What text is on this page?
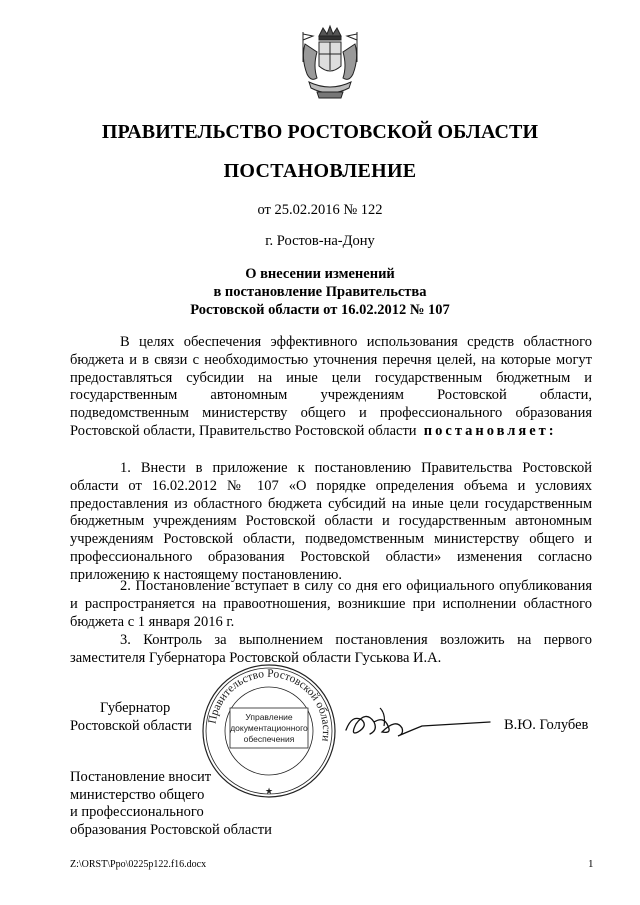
ПРАВИТЕЛЬСТВО РОСТОВСКОЙ ОБЛАСТИ
ПОСТАНОВЛЕНИЕ
от 25.02.2016 № 122
г. Ростов-на-Дону
О внесении изменений
в постановление Правительства
Ростовской области от 16.02.2012 № 107

В целях обеспечения эффективного использования средств областного бюджета и в связи с необходимостью уточнения перечня целей, на которые могут предоставляться субсидии на иные цели государственным бюджетным и государственным автономным учреждениям Ростовской области, подведомственным министерству общего и профессионального образования Ростовской области, Правительство Ростовской области постановляет:

1. Внести в приложение к постановлению Правительства Ростовской области от 16.02.2012 № 107 «О порядке определения объема и условиях предоставления из областного бюджета субсидий на иные цели государственным бюджетным учреждениям Ростовской области и государственным автономным учреждениям Ростовской области, подведомственным министерству общего и профессионального образования Ростовской области» изменения согласно приложению к настоящему постановлению.

2. Постановление вступает в силу со дня его официального опубликования и распространяется на правоотношения, возникшие при исполнении областного бюджета с 1 января 2016 г.

3. Контроль за выполнением постановления возложить на первого заместителя Губернатора Ростовской области Гуськова И.А.

Губернатор
Ростовской области Правительство Ростовской области
Управление
документационного
обеспечения
★
В.Ю. Голубев
Постановление вносит
министерство общего
и профессионального
образования Ростовской области
Z:\ORST\Ppo\0225p122.f16.docx	1
